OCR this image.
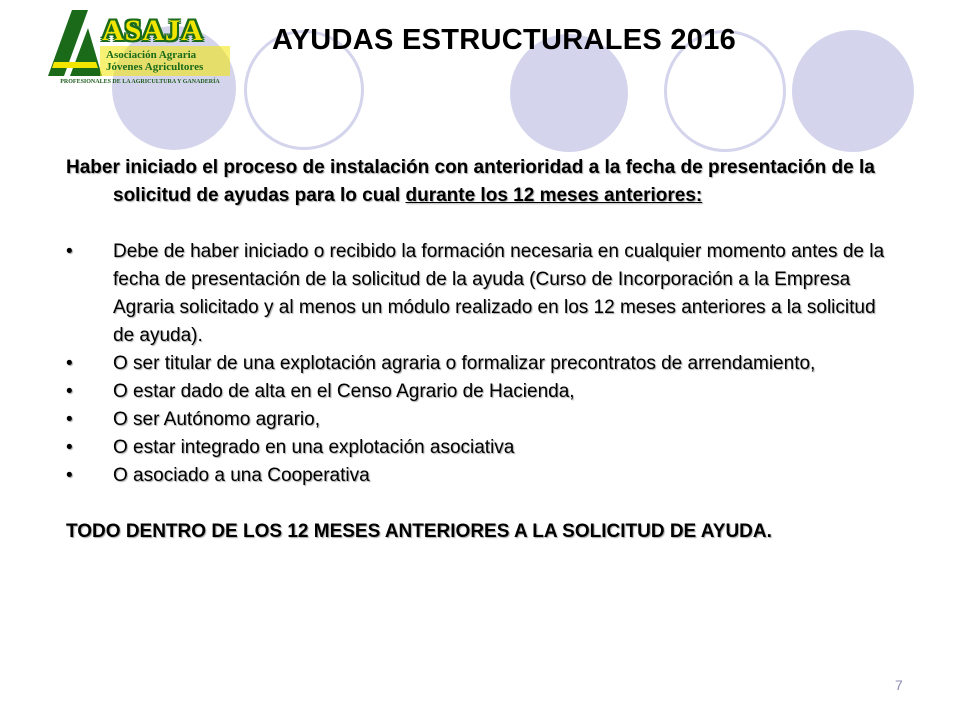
ASAJA
Asociación Agraria
Jóvenes Agricultores
PROFESIONALES DE LA AGRICULTURA Y GANADERÍA
AYUDAS ESTRUCTURALES 2016

Haber iniciado el proceso de instalación con anterioridad a la fecha de presentación de la solicitud de ayudas para lo cual durante los 12 meses anteriores:

• Debe de haber iniciado o recibido la formación necesaria en cualquier momento antes de la fecha de presentación de la solicitud de la ayuda (Curso de Incorporación a la Empresa Agraria solicitado y al menos un módulo realizado en los 12 meses anteriores a la solicitud de ayuda).
• O ser titular de una explotación agraria o formalizar precontratos de arrendamiento,
• O estar dado de alta en el Censo Agrario de Hacienda,
• O ser Autónomo agrario,
• O estar integrado en una explotación asociativa
• O asociado a una Cooperativa

TODO DENTRO DE LOS 12 MESES ANTERIORES A LA SOLICITUD DE AYUDA.

7
